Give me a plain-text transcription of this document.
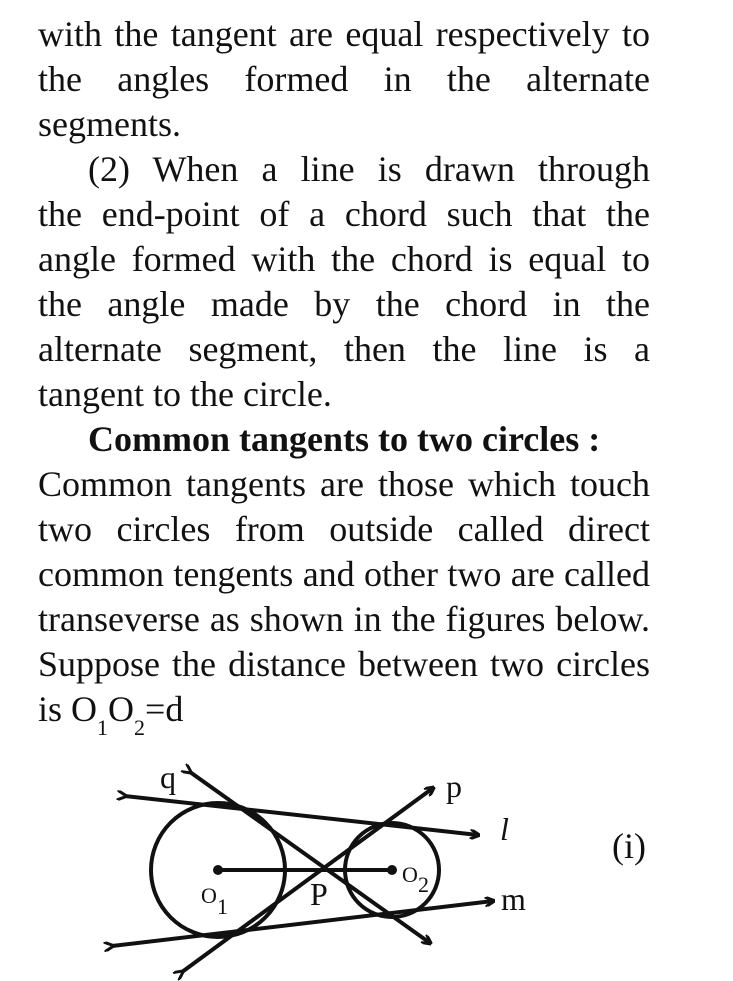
with the tangent are equal respectively to
the angles formed in the alternate
segments.
(2) When a line is drawn through
the end-point of a chord such that the
angle formed with the chord is equal to
the angle made by the chord in the
alternate segment, then the line is a
tangent to the circle.
Common tangents to two circles :
Common tangents are those which touch
two circles from outside called direct
common tengents and other two are called
transeverse as shown in the figures below.
Suppose the distance between two circles
is $O_1O_2=d$
q	p
l
m
P
O 1
O 2
(i)
